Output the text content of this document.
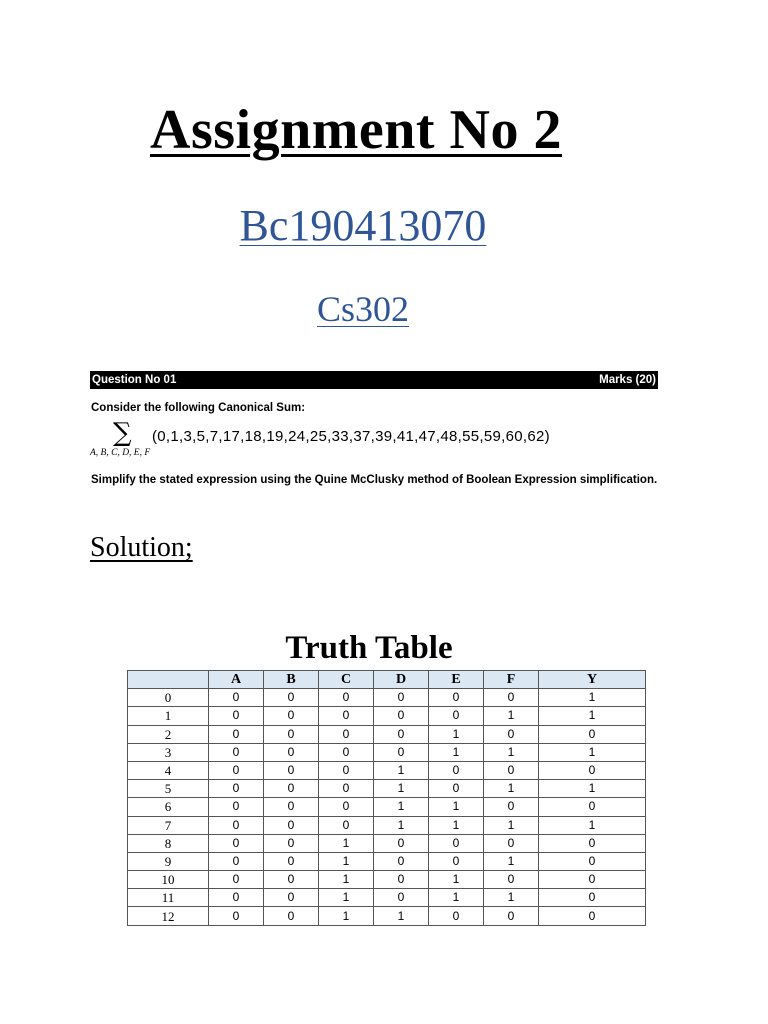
Assignment No 2
Bc190413070
Cs302
Question No 01	Marks (20)
Consider the following Canonical Sum:
∑
A, B, C, D, E, F
(0,1,3,5,7,17,18,19,24,25,33,37,39,41,47,48,55,59,60,62)
Simplify the stated expression using the Quine McClusky method of Boolean Expression simplification.
Solution;
Truth Table
	A	B	C	D	E	F	Y
0	0	0	0	0	0	0	1
1	0	0	0	0	0	1	1
2	0	0	0	0	1	0	0
3	0	0	0	0	1	1	1
4	0	0	0	1	0	0	0
5	0	0	0	1	0	1	1
6	0	0	0	1	1	0	0
7	0	0	0	1	1	1	1
8	0	0	1	0	0	0	0
9	0	0	1	0	0	1	0
10	0	0	1	0	1	0	0
11	0	0	1	0	1	1	0
12	0	0	1	1	0	0	0
